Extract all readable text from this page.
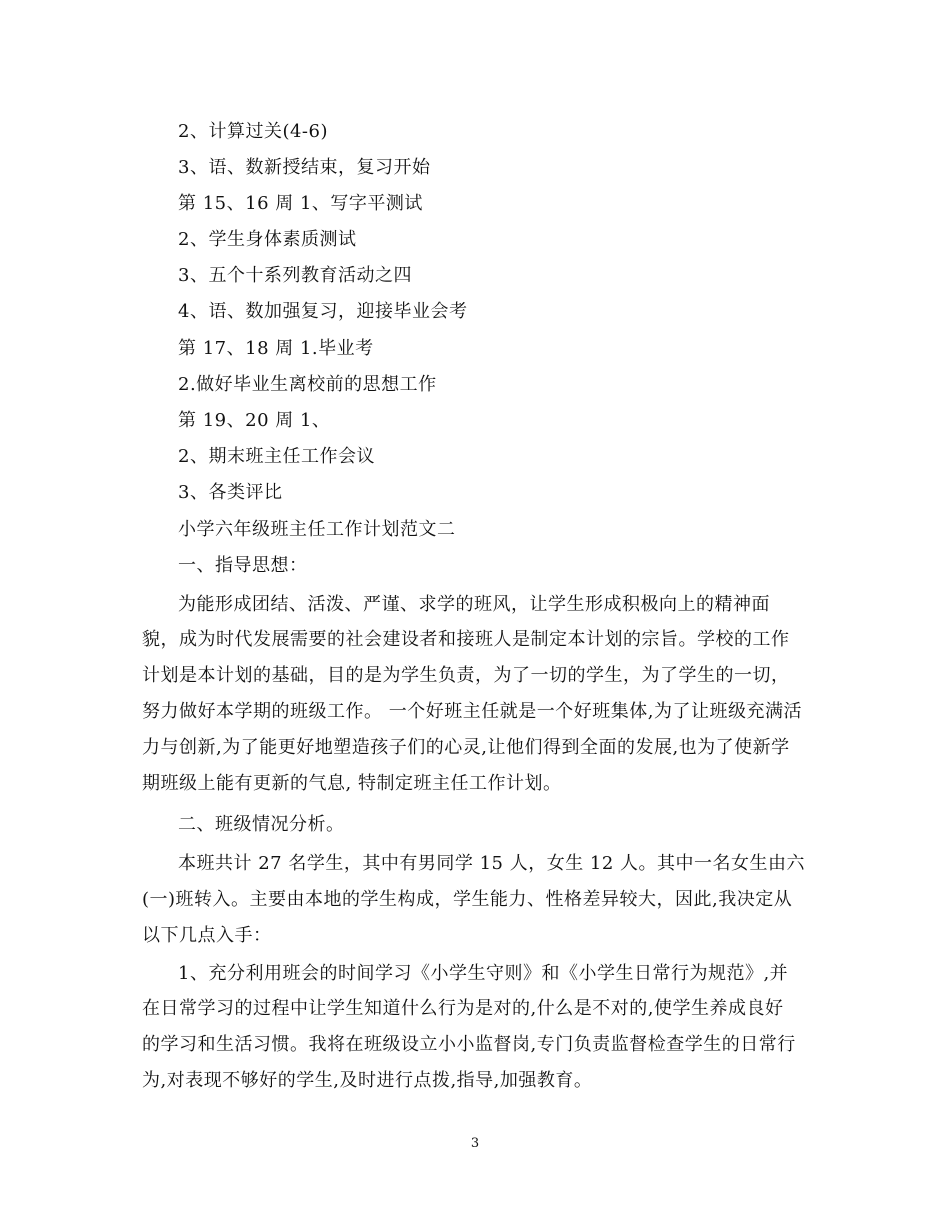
2、计算过关(4-6)
3、语、数新授结束，复习开始
第 15、16 周 1、写字平测试
2、学生身体素质测试
3、五个十系列教育活动之四
4、语、数加强复习，迎接毕业会考
第 17、18 周 1.毕业考
2.做好毕业生离校前的思想工作
第 19、20 周 1、
2、期末班主任工作会议
3、各类评比
小学六年级班主任工作计划范文二
一、指导思想：
为能形成团结、活泼、严谨、求学的班风，让学生形成积极向上的精神面
貌，成为时代发展需要的社会建设者和接班人是制定本计划的宗旨。学校的工作
计划是本计划的基础，目的是为学生负责，为了一切的学生，为了学生的一切，
努力做好本学期的班级工作。 一个好班主任就是一个好班集体,为了让班级充满活
力与创新,为了能更好地塑造孩子们的心灵,让他们得到全面的发展,也为了使新学
期班级上能有更新的气息, 特制定班主任工作计划。
二、班级情况分析。
本班共计 27 名学生，其中有男同学 15 人，女生 12 人。其中一名女生由六
(一)班转入。主要由本地的学生构成，学生能力、性格差异较大，因此,我决定从
以下几点入手：
1、充分利用班会的时间学习《小学生守则》和《小学生日常行为规范》,并
在日常学习的过程中让学生知道什么行为是对的,什么是不对的,使学生养成良好
的学习和生活习惯。我将在班级设立小小监督岗,专门负责监督检查学生的日常行
为,对表现不够好的学生,及时进行点拨,指导,加强教育。
3
